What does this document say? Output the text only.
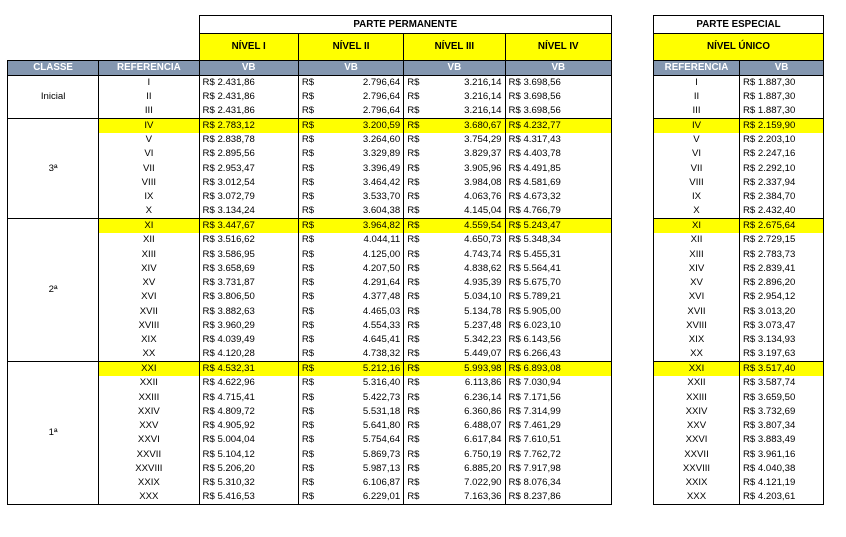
		PARTE PERMANENTE			
		NÍVEL I	NÍVEL II	NÍVEL III	NÍVEL IV
CLASSE	REFERENCIA	VB	VB	VB	VB
Inicial	I	R$ 2.431,86	R$ 2.796,64	R$ 3.216,14	R$ 3.698,56
	II	R$ 2.431,86	R$ 2.796,64	R$ 3.216,14	R$ 3.698,56
	III	R$ 2.431,86	R$ 2.796,64	R$ 3.216,14	R$ 3.698,56
3ª	IV	R$ 2.783,12	R$ 3.200,59	R$ 3.680,67	R$ 4.232,77
	V	R$ 2.838,78	R$ 3.264,60	R$ 3.754,29	R$ 4.317,43
	VI	R$ 2.895,56	R$ 3.329,89	R$ 3.829,37	R$ 4.403,78
	VII	R$ 2.953,47	R$ 3.396,49	R$ 3.905,96	R$ 4.491,85
	VIII	R$ 3.012,54	R$ 3.464,42	R$ 3.984,08	R$ 4.581,69
	IX	R$ 3.072,79	R$ 3.533,70	R$ 4.063,76	R$ 4.673,32
	X	R$ 3.134,24	R$ 3.604,38	R$ 4.145,04	R$ 4.766,79
2ª	XI	R$ 3.447,67	R$ 3.964,82	R$ 4.559,54	R$ 5.243,47
	XII	R$ 3.516,62	R$ 4.044,11	R$ 4.650,73	R$ 5.348,34
	XIII	R$ 3.586,95	R$ 4.125,00	R$ 4.743,74	R$ 5.455,31
	XIV	R$ 3.658,69	R$ 4.207,50	R$ 4.838,62	R$ 5.564,41
	XV	R$ 3.731,87	R$ 4.291,64	R$ 4.935,39	R$ 5.675,70
	XVI	R$ 3.806,50	R$ 4.377,48	R$ 5.034,10	R$ 5.789,21
	XVII	R$ 3.882,63	R$ 4.465,03	R$ 5.134,78	R$ 5.905,00
	XVIII	R$ 3.960,29	R$ 4.554,33	R$ 5.237,48	R$ 6.023,10
	XIX	R$ 4.039,49	R$ 4.645,41	R$ 5.342,23	R$ 6.143,56
	XX	R$ 4.120,28	R$ 4.738,32	R$ 5.449,07	R$ 6.266,43
1ª	XXI	R$ 4.532,31	R$ 5.212,16	R$ 5.993,98	R$ 6.893,08
	XXII	R$ 4.622,96	R$ 5.316,40	R$ 6.113,86	R$ 7.030,94
	XXIII	R$ 4.715,41	R$ 5.422,73	R$ 6.236,14	R$ 7.171,56
	XXIV	R$ 4.809,72	R$ 5.531,18	R$ 6.360,86	R$ 7.314,99
	XXV	R$ 4.905,92	R$ 5.641,80	R$ 6.488,07	R$ 7.461,29
	XXVI	R$ 5.004,04	R$ 5.754,64	R$ 6.617,84	R$ 7.610,51
	XXVII	R$ 5.104,12	R$ 5.869,73	R$ 6.750,19	R$ 7.762,72
	XXVIII	R$ 5.206,20	R$ 5.987,13	R$ 6.885,20	R$ 7.917,98
	XXIX	R$ 5.310,32	R$ 6.106,87	R$ 7.022,90	R$ 8.076,34
	XXX	R$ 5.416,53	R$ 6.229,01	R$ 7.163,36	R$ 8.237,86
PARTE ESPECIAL	
NÍVEL ÚNICO	
REFERENCIA	VB
I	R$ 1.887,30
II	R$ 1.887,30
III	R$ 1.887,30
IV	R$ 2.159,90
V	R$ 2.203,10
VI	R$ 2.247,16
VII	R$ 2.292,10
VIII	R$ 2.337,94
IX	R$ 2.384,70
X	R$ 2.432,40
XI	R$ 2.675,64
XII	R$ 2.729,15
XIII	R$ 2.783,73
XIV	R$ 2.839,41
XV	R$ 2.896,20
XVI	R$ 2.954,12
XVII	R$ 3.013,20
XVIII	R$ 3.073,47
XIX	R$ 3.134,93
XX	R$ 3.197,63
XXI	R$ 3.517,40
XXII	R$ 3.587,74
XXIII	R$ 3.659,50
XXIV	R$ 3.732,69
XXV	R$ 3.807,34
XXVI	R$ 3.883,49
XXVII	R$ 3.961,16
XXVIII	R$ 4.040,38
XXIX	R$ 4.121,19
XXX	R$ 4.203,61
